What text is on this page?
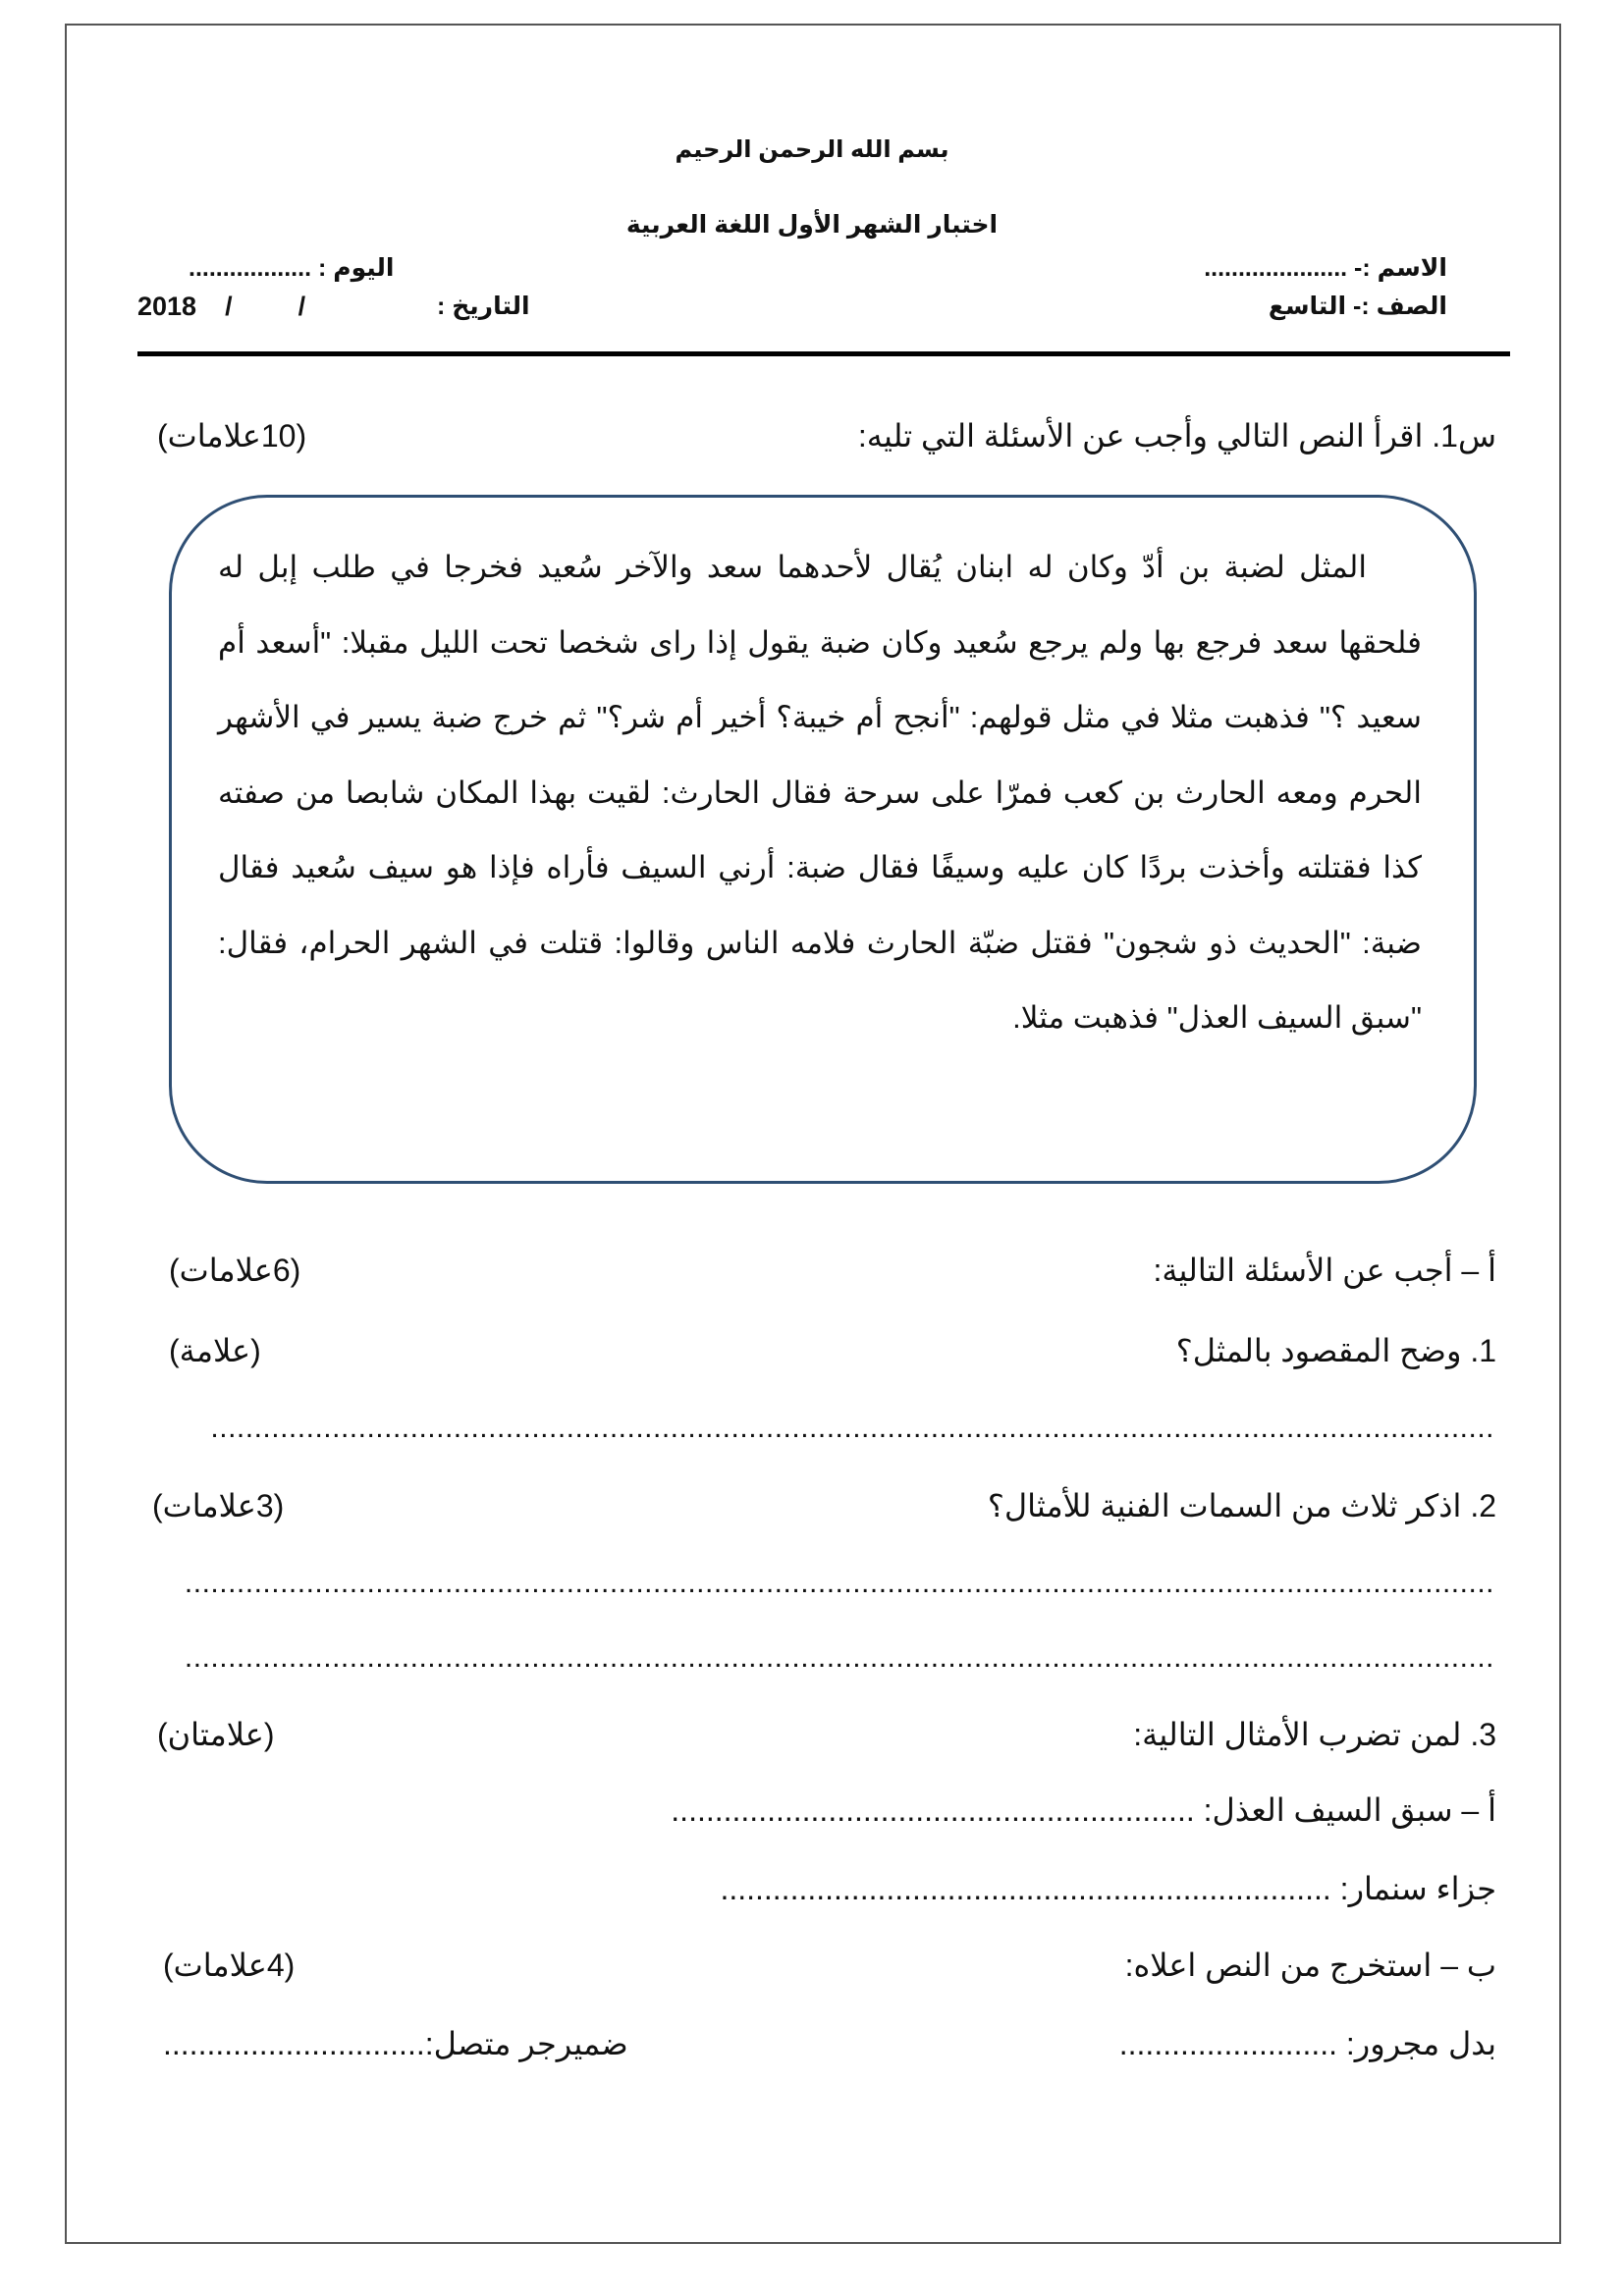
بسم الله الرحمن الرحيم
اختبار الشهر الأول اللغة العربية
الاسم :- .....................
الصف :- التاسع
اليوم : ..................
التاريخ :
2018 / /
س1. اقرأ النص التالي وأجب عن الأسئلة التي تليه:
(10علامات)
المثل لضبة بن أدّ وكان له ابنان يُقال لأحدهما سعد والآخر سُعيد فخرجا في طلب إبل له فلحقها سعد فرجع بها ولم يرجع سُعيد وكان ضبة يقول إذا راى شخصا تحت الليل مقبلا: "أسعد أم سعيد ؟" فذهبت مثلا في مثل قولهم: "أنجح أم خيبة؟ أخير أم شر؟" ثم خرج ضبة يسير في الأشهر الحرم ومعه الحارث بن كعب فمرّا على سرحة فقال الحارث: لقيت بهذا المكان شابصا من صفته كذا فقتلته وأخذت بردًا كان عليه وسيفًا فقال ضبة: أرني السيف فأراه فإذا هو سيف سُعيد فقال ضبة: "الحديث ذو شجون" فقتل ضبّة الحارث فلامه الناس وقالوا: قتلت في الشهر الحرام، فقال: "سبق السيف العذل" فذهبت مثلا.
أ – أجب عن الأسئلة التالية:
(6علامات)
1. وضح المقصود بالمثل؟
(علامة)
....................................................................................................................................................
2. اذكر ثلاث من السمات الفنية للأمثال؟
(3علامات)
.......................................................................................................................................................
.......................................................................................................................................................
3. لمن تضرب الأمثال التالية:
(علامتان)
أ – سبق السيف العذل: ............................................................
جزاء سنمار: ......................................................................
ب – استخرج من النص اعلاه:
(4علامات)
بدل مجرور: .........................
ضميرجر متصل:..............................
